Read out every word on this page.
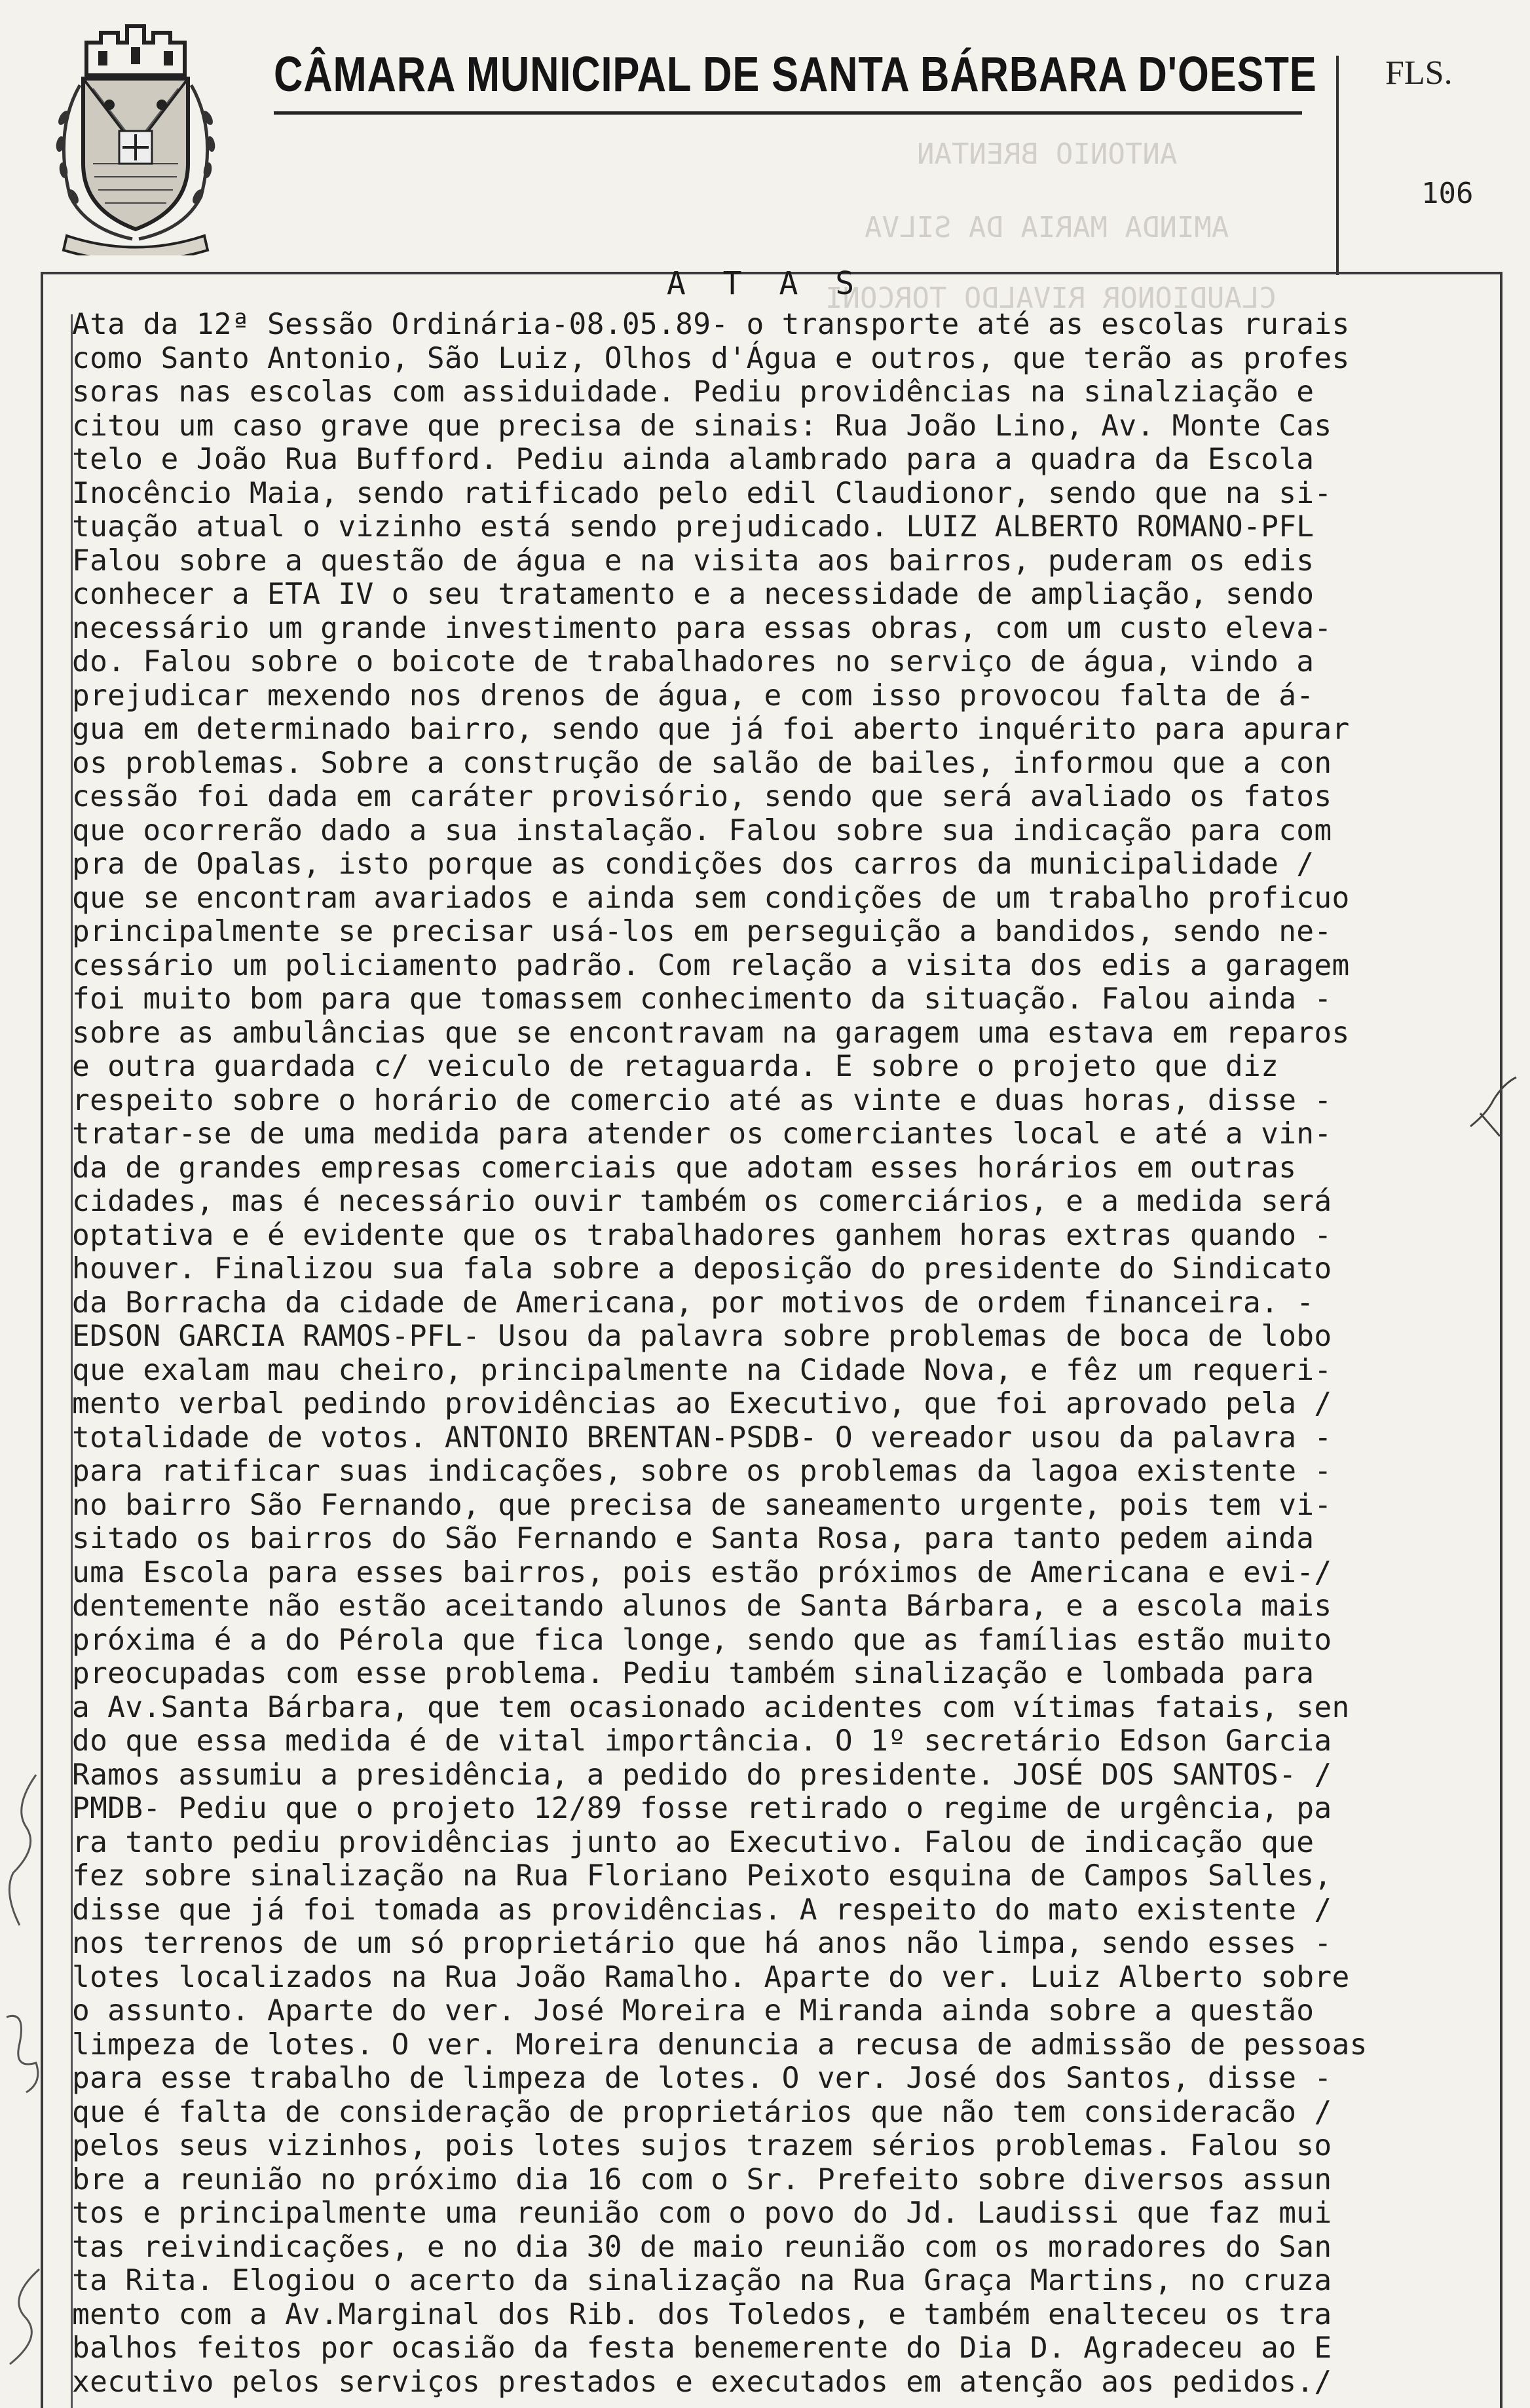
CÂMARA MUNICIPAL DE SANTA BÁRBARA D'OESTE FLS.
106
ANTONIO BRENTAN
AMINDA MARIA DA SILVA
CLAUDIONOR RIVALDO TORCONI
A T A S
Ata da 12ª Sessão Ordinária-08.05.89- o transporte até as escolas rurais
como Santo Antonio, São Luiz, Olhos d'Água e outros, que terão as profes
soras nas escolas com assiduidade. Pediu providências na sinalziação e
citou um caso grave que precisa de sinais: Rua João Lino, Av. Monte Cas
telo e João Rua Bufford. Pediu ainda alambrado para a quadra da Escola
Inocêncio Maia, sendo ratificado pelo edil Claudionor, sendo que na si-
tuação atual o vizinho está sendo prejudicado. LUIZ ALBERTO ROMANO-PFL
Falou sobre a questão de água e na visita aos bairros, puderam os edis
conhecer a ETA IV o seu tratamento e a necessidade de ampliação, sendo
necessário um grande investimento para essas obras, com um custo eleva-
do. Falou sobre o boicote de trabalhadores no serviço de água, vindo a
prejudicar mexendo nos drenos de água, e com isso provocou falta de á-
gua em determinado bairro, sendo que já foi aberto inquérito para apurar
os problemas. Sobre a construção de salão de bailes, informou que a con
cessão foi dada em caráter provisório, sendo que será avaliado os fatos
que ocorrerão dado a sua instalação. Falou sobre sua indicação para com
pra de Opalas, isto porque as condições dos carros da municipalidade /
que se encontram avariados e ainda sem condições de um trabalho proficuo
principalmente se precisar usá-los em perseguição a bandidos, sendo ne-
cessário um policiamento padrão. Com relação a visita dos edis a garagem
foi muito bom para que tomassem conhecimento da situação. Falou ainda -
sobre as ambulâncias que se encontravam na garagem uma estava em reparos
e outra guardada c/ veiculo de retaguarda. E sobre o projeto que diz
respeito sobre o horário de comercio até as vinte e duas horas, disse -
tratar-se de uma medida para atender os comerciantes local e até a vin-
da de grandes empresas comerciais que adotam esses horários em outras
cidades, mas é necessário ouvir também os comerciários, e a medida será
optativa e é evidente que os trabalhadores ganhem horas extras quando -
houver. Finalizou sua fala sobre a deposição do presidente do Sindicato
da Borracha da cidade de Americana, por motivos de ordem financeira. -
EDSON GARCIA RAMOS-PFL- Usou da palavra sobre problemas de boca de lobo
que exalam mau cheiro, principalmente na Cidade Nova, e fêz um requeri-
mento verbal pedindo providências ao Executivo, que foi aprovado pela /
totalidade de votos. ANTONIO BRENTAN-PSDB- O vereador usou da palavra -
para ratificar suas indicações, sobre os problemas da lagoa existente -
no bairro São Fernando, que precisa de saneamento urgente, pois tem vi-
sitado os bairros do São Fernando e Santa Rosa, para tanto pedem ainda
uma Escola para esses bairros, pois estão próximos de Americana e evi-/
dentemente não estão aceitando alunos de Santa Bárbara, e a escola mais
próxima é a do Pérola que fica longe, sendo que as famílias estão muito
preocupadas com esse problema. Pediu também sinalização e lombada para
a Av.Santa Bárbara, que tem ocasionado acidentes com vítimas fatais, sen
do que essa medida é de vital importância. O 1º secretário Edson Garcia
Ramos assumiu a presidência, a pedido do presidente. JOSÉ DOS SANTOS- /
PMDB- Pediu que o projeto 12/89 fosse retirado o regime de urgência, pa
ra tanto pediu providências junto ao Executivo. Falou de indicação que
fez sobre sinalização na Rua Floriano Peixoto esquina de Campos Salles,
disse que já foi tomada as providências. A respeito do mato existente /
nos terrenos de um só proprietário que há anos não limpa, sendo esses -
lotes localizados na Rua João Ramalho. Aparte do ver. Luiz Alberto sobre
o assunto. Aparte do ver. José Moreira e Miranda ainda sobre a questão
limpeza de lotes. O ver. Moreira denuncia a recusa de admissão de pessoas
para esse trabalho de limpeza de lotes. O ver. José dos Santos, disse -
que é falta de consideração de proprietários que não tem consideracão /
pelos seus vizinhos, pois lotes sujos trazem sérios problemas. Falou so
bre a reunião no próximo dia 16 com o Sr. Prefeito sobre diversos assun
tos e principalmente uma reunião com o povo do Jd. Laudissi que faz mui
tas reivindicações, e no dia 30 de maio reunião com os moradores do San
ta Rita. Elogiou o acerto da sinalização na Rua Graça Martins, no cruza
mento com a Av.Marginal dos Rib. dos Toledos, e também enalteceu os tra
balhos feitos por ocasião da festa benemerente do Dia D. Agradeceu ao E
xecutivo pelos serviços prestados e executados em atenção aos pedidos./
